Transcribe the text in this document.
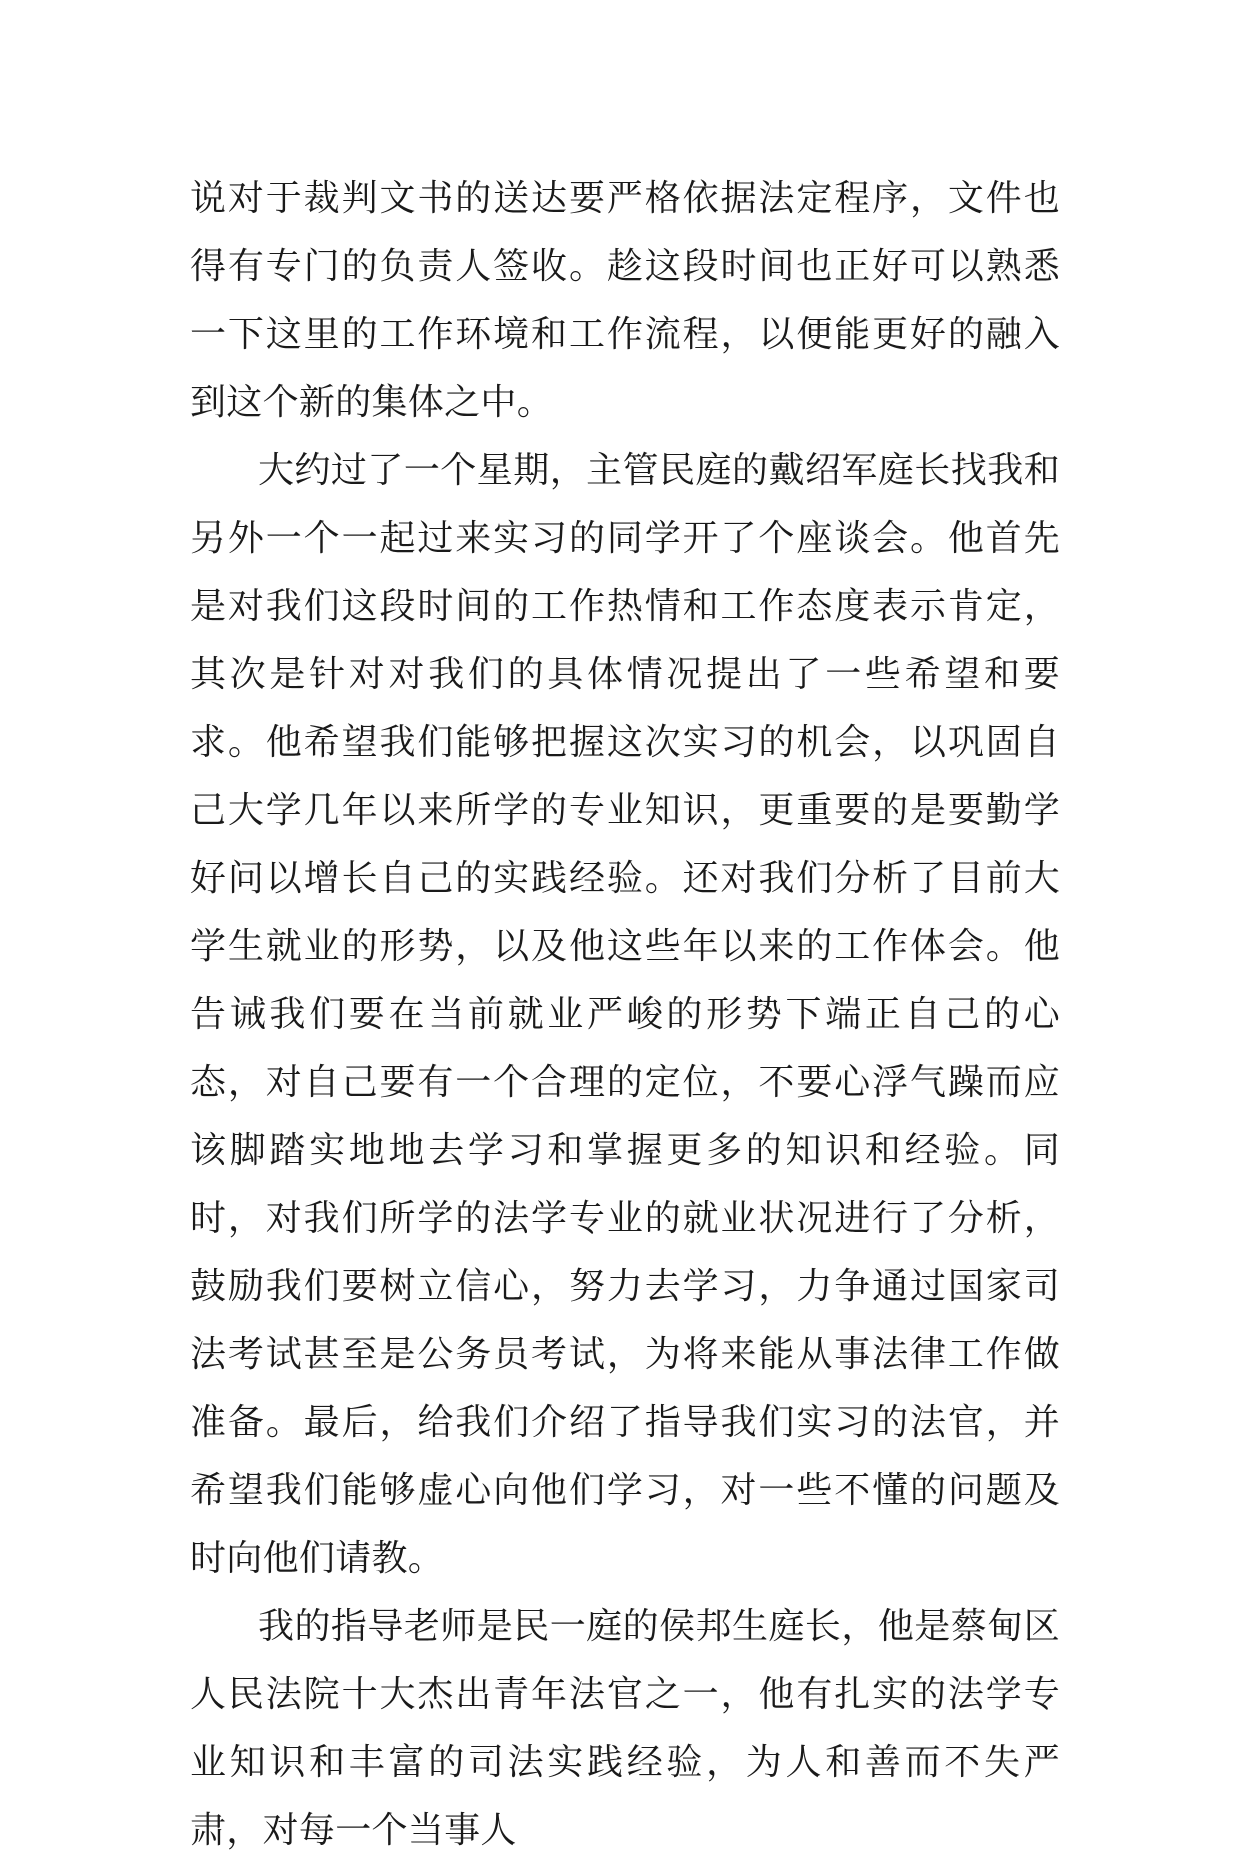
说对于裁判文书的送达要严格依据法定程序，文件也得有专门的负责人签收。趁这段时间也正好可以熟悉一下这里的工作环境和工作流程，以便能更好的融入到这个新的集体之中。

大约过了一个星期，主管民庭的戴绍军庭长找我和另外一个一起过来实习的同学开了个座谈会。他首先是对我们这段时间的工作热情和工作态度表示肯定，其次是针对对我们的具体情况提出了一些希望和要求。他希望我们能够把握这次实习的机会，以巩固自己大学几年以来所学的专业知识，更重要的是要勤学好问以增长自己的实践经验。还对我们分析了目前大学生就业的形势，以及他这些年以来的工作体会。他告诫我们要在当前就业严峻的形势下端正自己的心态，对自己要有一个合理的定位，不要心浮气躁而应该脚踏实地地去学习和掌握更多的知识和经验。同时，对我们所学的法学专业的就业状况进行了分析，鼓励我们要树立信心，努力去学习，力争通过国家司法考试甚至是公务员考试，为将来能从事法律工作做准备。最后，给我们介绍了指导我们实习的法官，并希望我们能够虚心向他们学习，对一些不懂的问题及时向他们请教。

我的指导老师是民一庭的侯邦生庭长，他是蔡甸区人民法院十大杰出青年法官之一，他有扎实的法学专业知识和丰富的司法实践经验，为人和善而不失严肃，对每一个当事人
